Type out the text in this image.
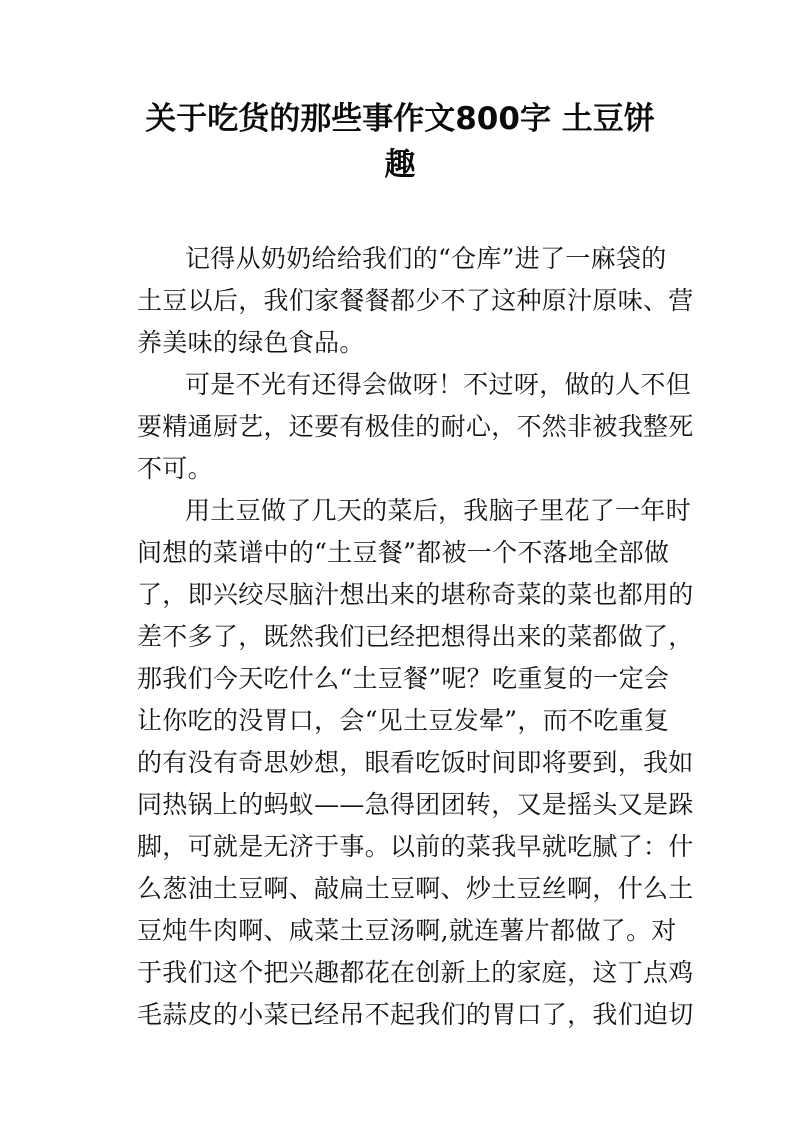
关于吃货的那些事作文800字 土豆饼
趣
记得从奶奶给给我们的“仓库”进了一麻袋的
土豆以后，我们家餐餐都少不了这种原汁原味、营
养美味的绿色食品。
可是不光有还得会做呀！不过呀，做的人不但
要精通厨艺，还要有极佳的耐心，不然非被我整死
不可。
用土豆做了几天的菜后，我脑子里花了一年时
间想的菜谱中的“土豆餐”都被一个不落地全部做
了，即兴绞尽脑汁想出来的堪称奇菜的菜也都用的
差不多了，既然我们已经把想得出来的菜都做了，
那我们今天吃什么“土豆餐”呢？吃重复的一定会
让你吃的没胃口，会“见土豆发晕”，而不吃重复
的有没有奇思妙想，眼看吃饭时间即将要到，我如
同热锅上的蚂蚁——急得团团转，又是摇头又是跺
脚，可就是无济于事。以前的菜我早就吃腻了：什
么葱油土豆啊、敲扁土豆啊、炒土豆丝啊，什么土
豆炖牛肉啊、咸菜土豆汤啊,就连薯片都做了。对
于我们这个把兴趣都花在创新上的家庭，这丁点鸡
毛蒜皮的小菜已经吊不起我们的胃口了，我们迫切
